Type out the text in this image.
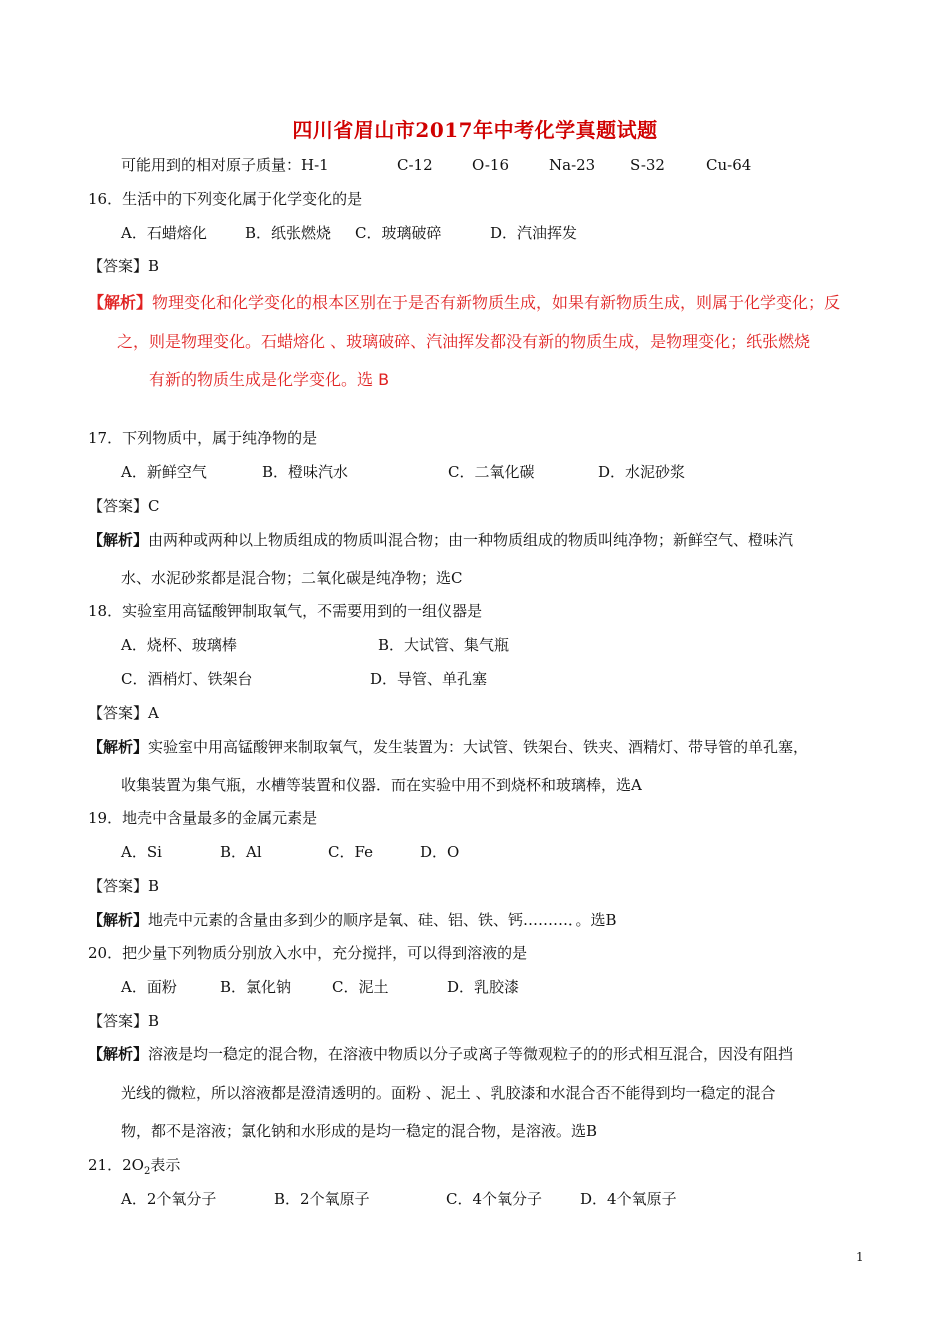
四川省眉山市2017年中考化学真题试题
可能用到的相对原子质量：H-1	C-12	O-16	Na-23 S-32	Cu-64
16．生活中的下列变化属于化学变化的是
A．石蜡熔化	B．纸张燃烧 C．玻璃破碎	D．汽油挥发
【答案】B
【解析】物理变化和化学变化的根本区别在于是否有新物质生成，如果有新物质生成，则属于化学变化；反
之，则是物理变化。石蜡熔化 、玻璃破碎、汽油挥发都没有新的物质生成，是物理变化；纸张燃烧
有新的物质生成是化学变化。选 B
17．下列物质中，属于纯净物的是
A．新鲜空气	B．橙味汽水	C．二氧化碳	D．水泥砂浆
【答案】C
【解析】由两种或两种以上物质组成的物质叫混合物；由一种物质组成的物质叫纯净物；新鲜空气、橙味汽
水、水泥砂浆都是混合物；二氧化碳是纯净物；选C
18．实验室用高锰酸钾制取氧气，不需要用到的一组仪器是
A．烧杯、玻璃棒	B．大试管、集气瓶
C．酒梢灯、铁架台	D．导管、单孔塞
【答案】A
【解析】实验室中用高锰酸钾来制取氧气，发生装置为：大试管、铁架台、铁夹、酒精灯、带导管的单孔塞，
收集装置为集气瓶，水槽等装置和仪器．而在实验中用不到烧杯和玻璃棒，选A
19．地壳中含量最多的金属元素是
A．Si	B．Al	C．Fe	D．O
【答案】B
【解析】地壳中元素的含量由多到少的顺序是氧、硅、铝、铁、钙………．。选B
20．把少量下列物质分别放入水中，充分搅拌，可以得到溶液的是
A．面粉	B．氯化钠	C．泥土	D．乳胶漆
【答案】B
【解析】溶液是均一稳定的混合物，在溶液中物质以分子或离子等微观粒子的的形式相互混合，因没有阻挡
光线的微粒，所以溶液都是澄清透明的。面粉 、泥土 、乳胶漆和水混合否不能得到均一稳定的混合
物，都不是溶液；氯化钠和水形成的是均一稳定的混合物，是溶液。选B
21．$2O_2$表示
A．2个氧分子	B．2个氧原子	C．4个氧分子	D．4个氧原子
1
